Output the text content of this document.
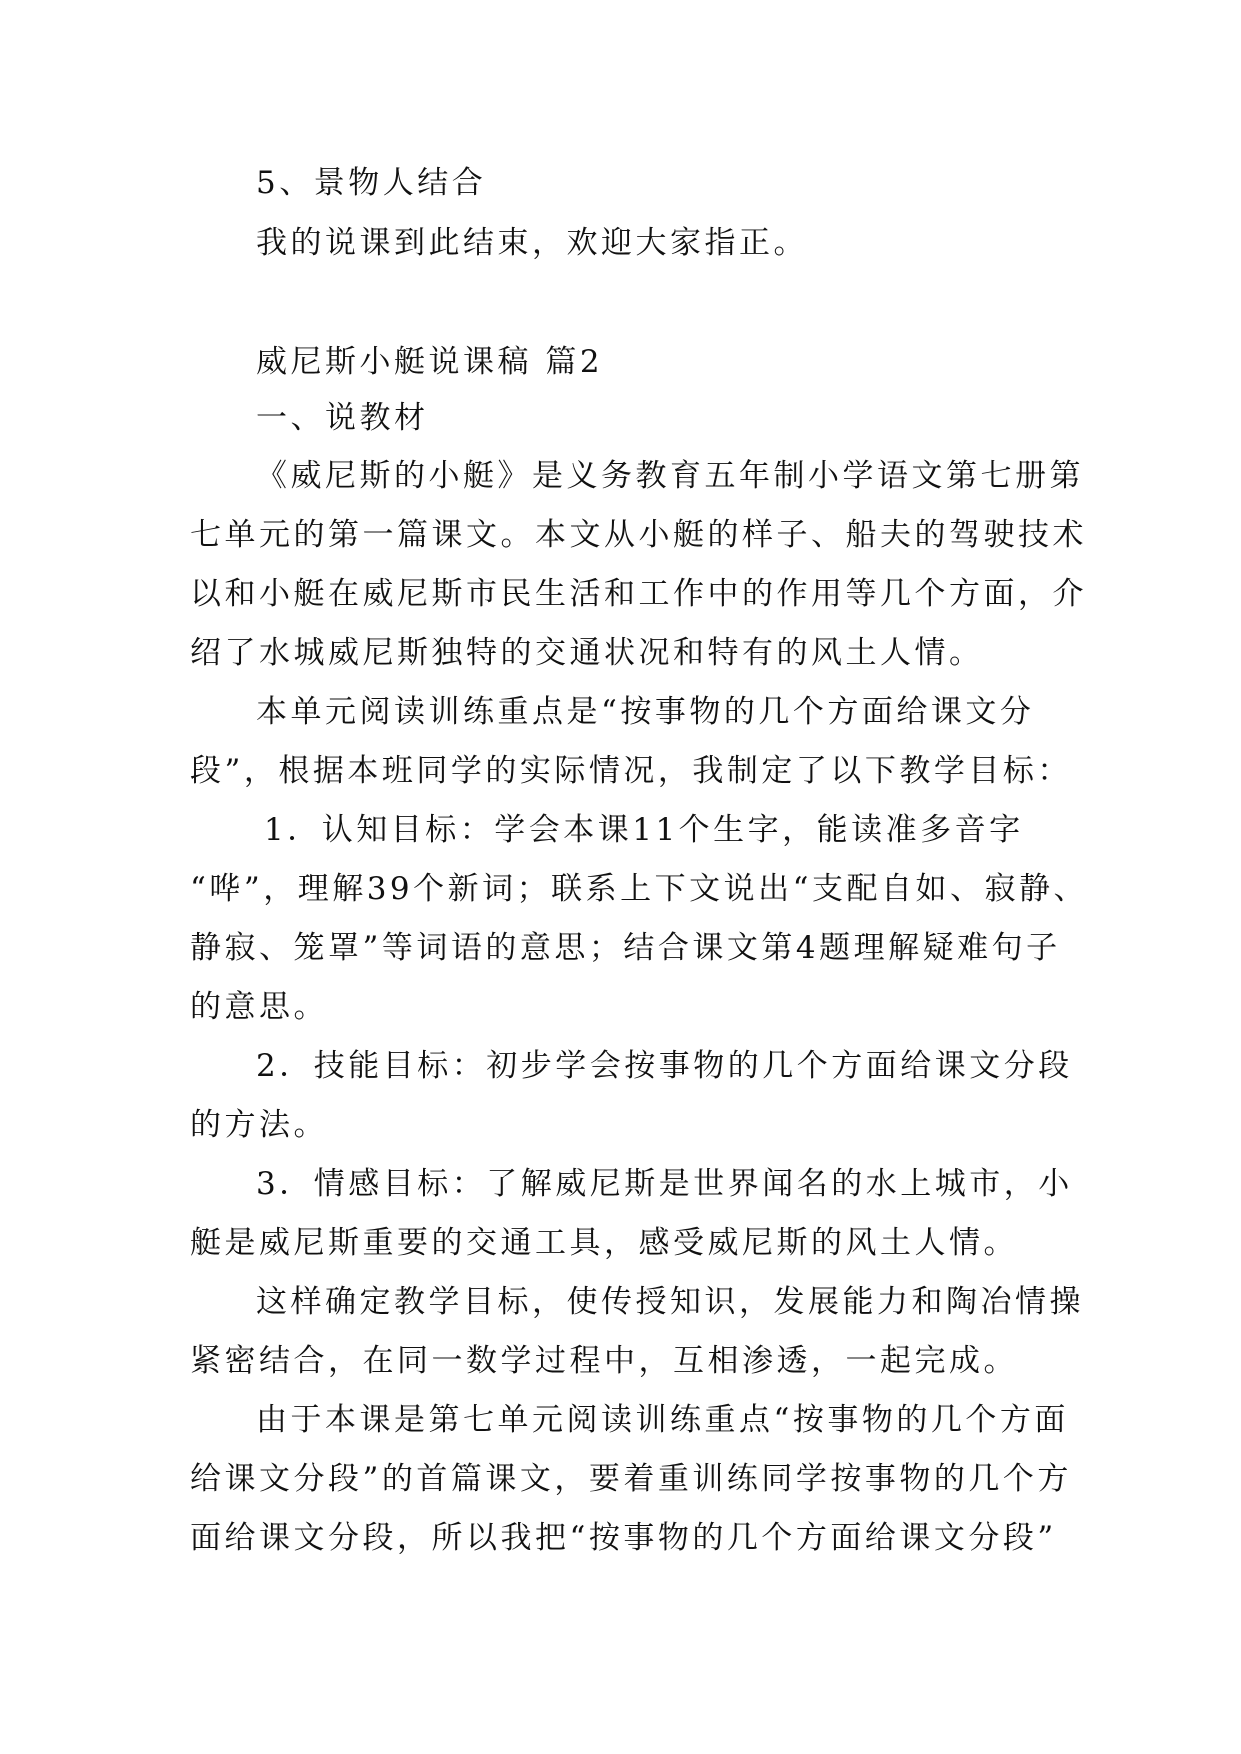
5、景物人结合
我的说课到此结束，欢迎大家指正。
威尼斯小艇说课稿 篇2
一、说教材
《威尼斯的小艇》是义务教育五年制小学语文第七册第
七单元的第一篇课文。本文从小艇的样子、船夫的驾驶技术
以和小艇在威尼斯市民生活和工作中的作用等几个方面，介
绍了水城威尼斯独特的交通状况和特有的风土人情。
本单元阅读训练重点是“按事物的几个方面给课文分
段”，根据本班同学的实际情况，我制定了以下教学目标：
1．认知目标：学会本课11个生字，能读准多音字
“哗”，理解39个新词；联系上下文说出“支配自如、寂静、
静寂、笼罩”等词语的意思；结合课文第4题理解疑难句子
的意思。
2．技能目标：初步学会按事物的几个方面给课文分段
的方法。
3．情感目标：了解威尼斯是世界闻名的水上城市，小
艇是威尼斯重要的交通工具，感受威尼斯的风土人情。
这样确定教学目标，使传授知识，发展能力和陶冶情操
紧密结合，在同一数学过程中，互相渗透，一起完成。
由于本课是第七单元阅读训练重点“按事物的几个方面
给课文分段”的首篇课文，要着重训练同学按事物的几个方
面给课文分段，所以我把“按事物的几个方面给课文分段”
